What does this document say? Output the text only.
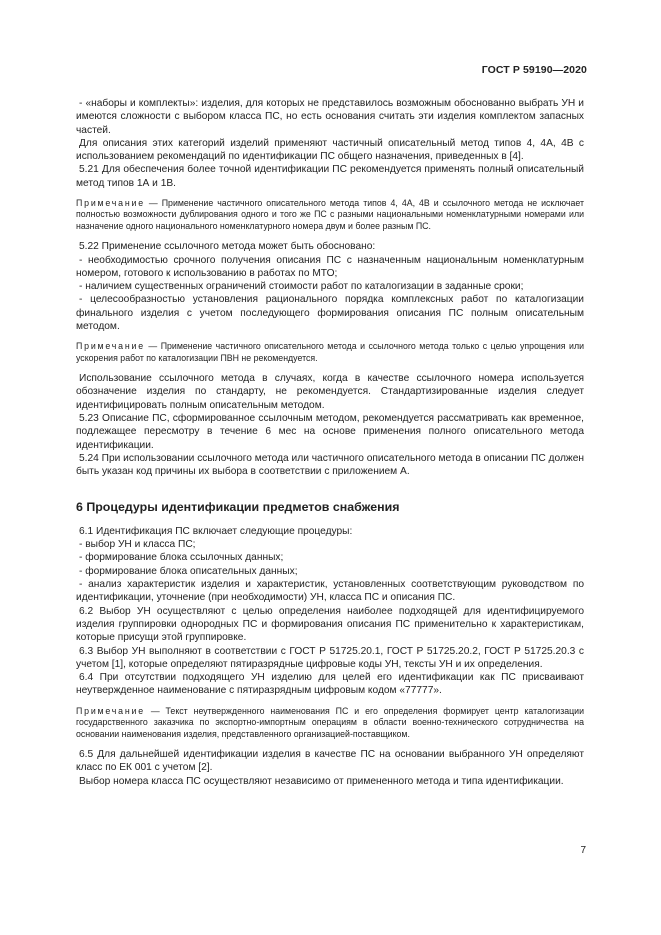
ГОСТ Р 59190—2020

- «наборы и комплекты»: изделия, для которых не представилось возможным обоснованно выбрать УН и имеются сложности с выбором класса ПС, но есть основания считать эти изделия комплектом запасных частей.

Для описания этих категорий изделий применяют частичный описательный метод типов 4, 4А, 4В с использованием рекомендаций по идентификации ПС общего назначения, приведенных в [4].

5.21 Для обеспечения более точной идентификации ПС рекомендуется применять полный описательный метод типов 1А и 1В.

Примечание — Применение частичного описательного метода типов 4, 4А, 4В и ссылочного метода не исключает полностью возможности дублирования одного и того же ПС с разными национальными номенклатурными номерами или назначение одного национального номенклатурного номера двум и более разным ПС.

5.22 Применение ссылочного метода может быть обосновано:

- необходимостью срочного получения описания ПС с назначенным национальным номенклатурным номером, готового к использованию в работах по МТО;

- наличием существенных ограничений стоимости работ по каталогизации в заданные сроки;

- целесообразностью установления рационального порядка комплексных работ по каталогизации финального изделия с учетом последующего формирования описания ПС полным описательным методом.

Примечание — Применение частичного описательного метода и ссылочного метода только с целью упрощения или ускорения работ по каталогизации ПВН не рекомендуется.

Использование ссылочного метода в случаях, когда в качестве ссылочного номера используется обозначение изделия по стандарту, не рекомендуется. Стандартизированные изделия следует идентифицировать полным описательным методом.

5.23 Описание ПС, сформированное ссылочным методом, рекомендуется рассматривать как временное, подлежащее пересмотру в течение 6 мес на основе применения полного описательного метода идентификации.

5.24 При использовании ссылочного метода или частичного описательного метода в описании ПС должен быть указан код причины их выбора в соответствии с приложением А.

6 Процедуры идентификации предметов снабжения

6.1 Идентификация ПС включает следующие процедуры:

- выбор УН и класса ПС;

- формирование блока ссылочных данных;

- формирование блока описательных данных;

- анализ характеристик изделия и характеристик, установленных соответствующим руководством по идентификации, уточнение (при необходимости) УН, класса ПС и описания ПС.

6.2 Выбор УН осуществляют с целью определения наиболее подходящей для идентифицируемого изделия группировки однородных ПС и формирования описания ПС применительно к характеристикам, которые присущи этой группировке.

6.3 Выбор УН выполняют в соответствии с ГОСТ Р 51725.20.1, ГОСТ Р 51725.20.2, ГОСТ Р 51725.20.3 с учетом [1], которые определяют пятиразрядные цифровые коды УН, тексты УН и их определения.

6.4 При отсутствии подходящего УН изделию для целей его идентификации как ПС присваивают неутвержденное наименование с пятиразрядным цифровым кодом «77777».

Примечание — Текст неутвержденного наименования ПС и его определения формирует центр каталогизации государственного заказчика по экспортно-импортным операциям в области военно-технического сотрудничества на основании наименования изделия, представленного организацией-поставщиком.

6.5 Для дальнейшей идентификации изделия в качестве ПС на основании выбранного УН определяют класс по ЕК 001 с учетом [2].

Выбор номера класса ПС осуществляют независимо от примененного метода и типа идентификации.

7
